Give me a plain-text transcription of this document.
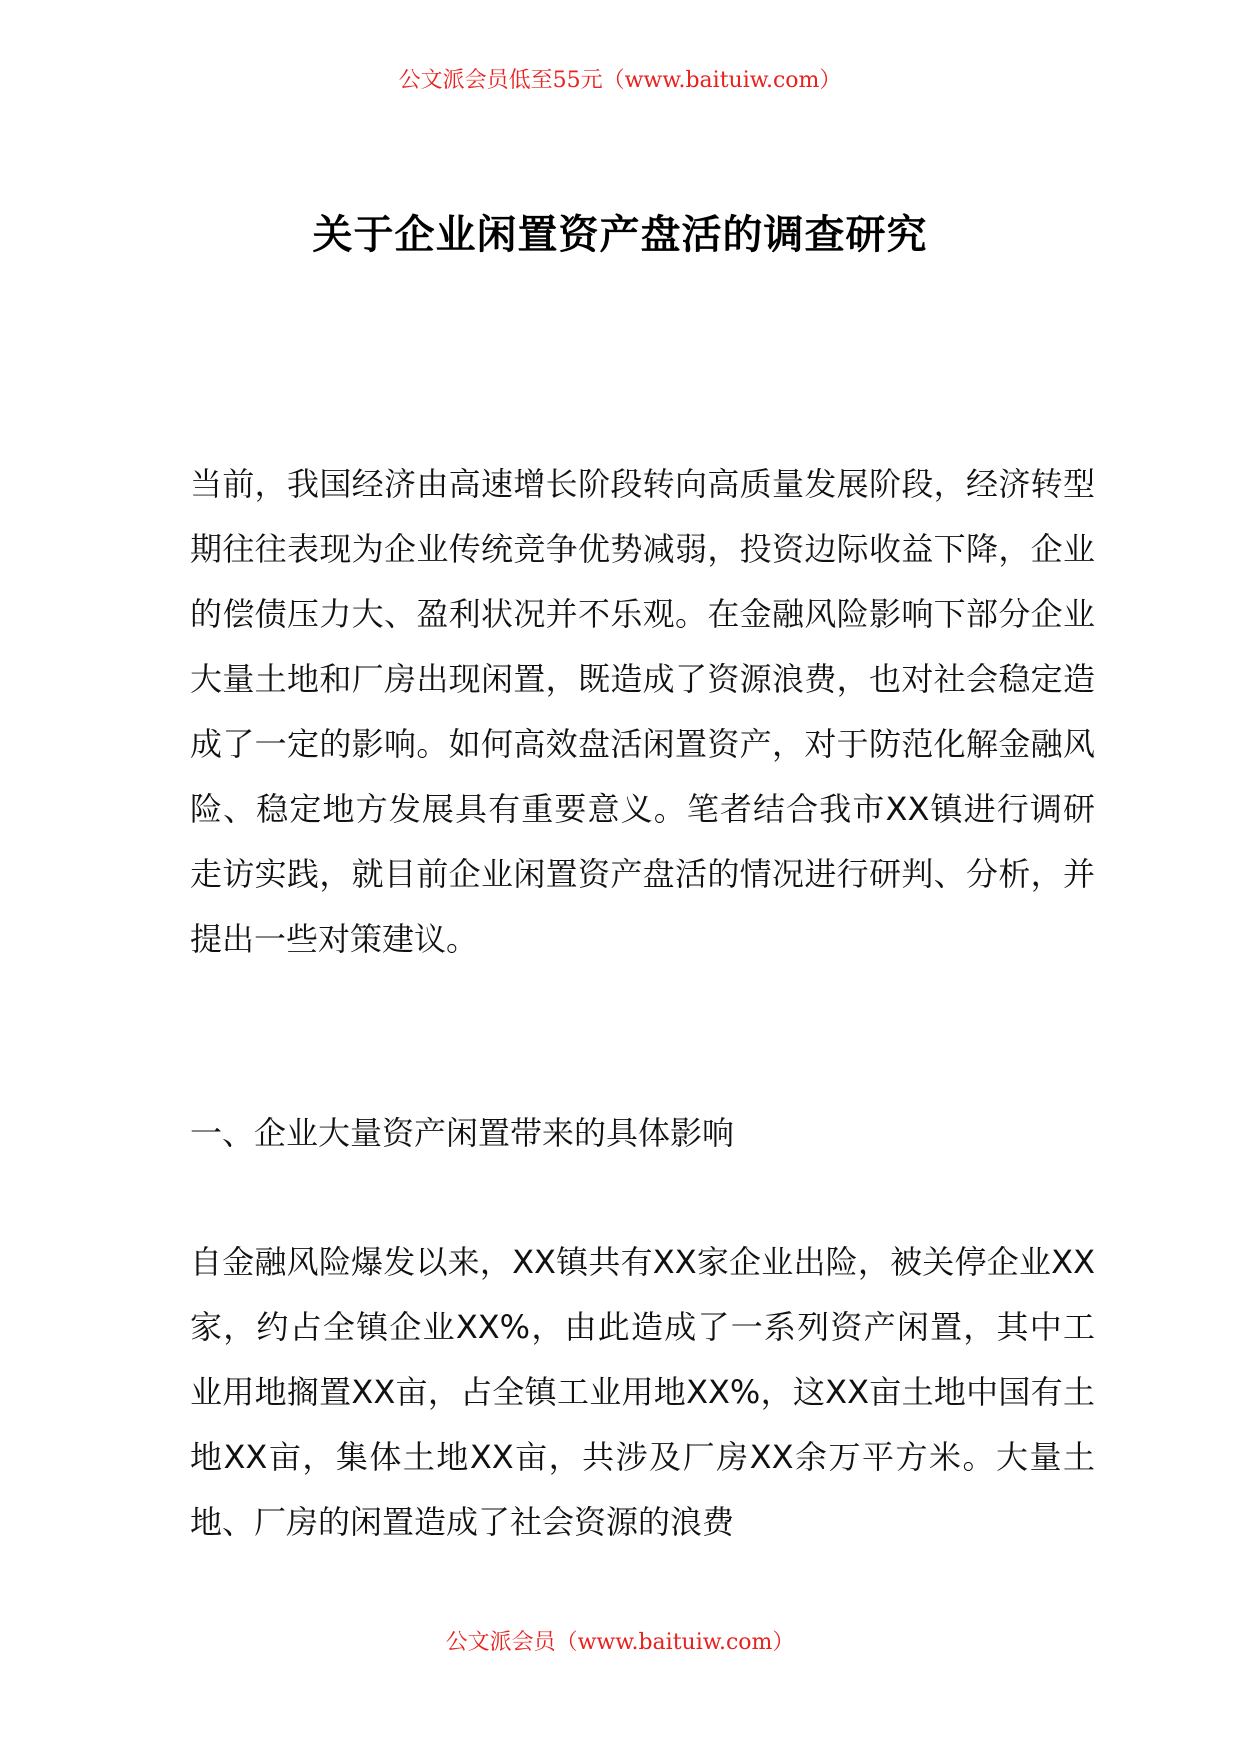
公文派会员低至55元（www.baituiw.com）
关于企业闲置资产盘活的调查研究

当前，我国经济由高速增长阶段转向高质量发展阶段，经济转型期往往表现为企业传统竞争优势减弱，投资边际收益下降，企业的偿债压力大、盈利状况并不乐观。在金融风险影响下部分企业大量土地和厂房出现闲置，既造成了资源浪费，也对社会稳定造成了一定的影响。如何高效盘活闲置资产，对于防范化解金融风险、稳定地方发展具有重要意义。笔者结合我市XX镇进行调研走访实践，就目前企业闲置资产盘活的情况进行研判、分析，并提出一些对策建议。

一、企业大量资产闲置带来的具体影响

自金融风险爆发以来，XX镇共有XX家企业出险，被关停企业XX家，约占全镇企业XX%，由此造成了一系列资产闲置，其中工业用地搁置XX亩，占全镇工业用地XX%，这XX亩土地中国有土地XX亩，集体土地XX亩，共涉及厂房XX余万平方米。大量土地、厂房的闲置造成了社会资源的浪费

公文派会员（www.baituiw.com）
